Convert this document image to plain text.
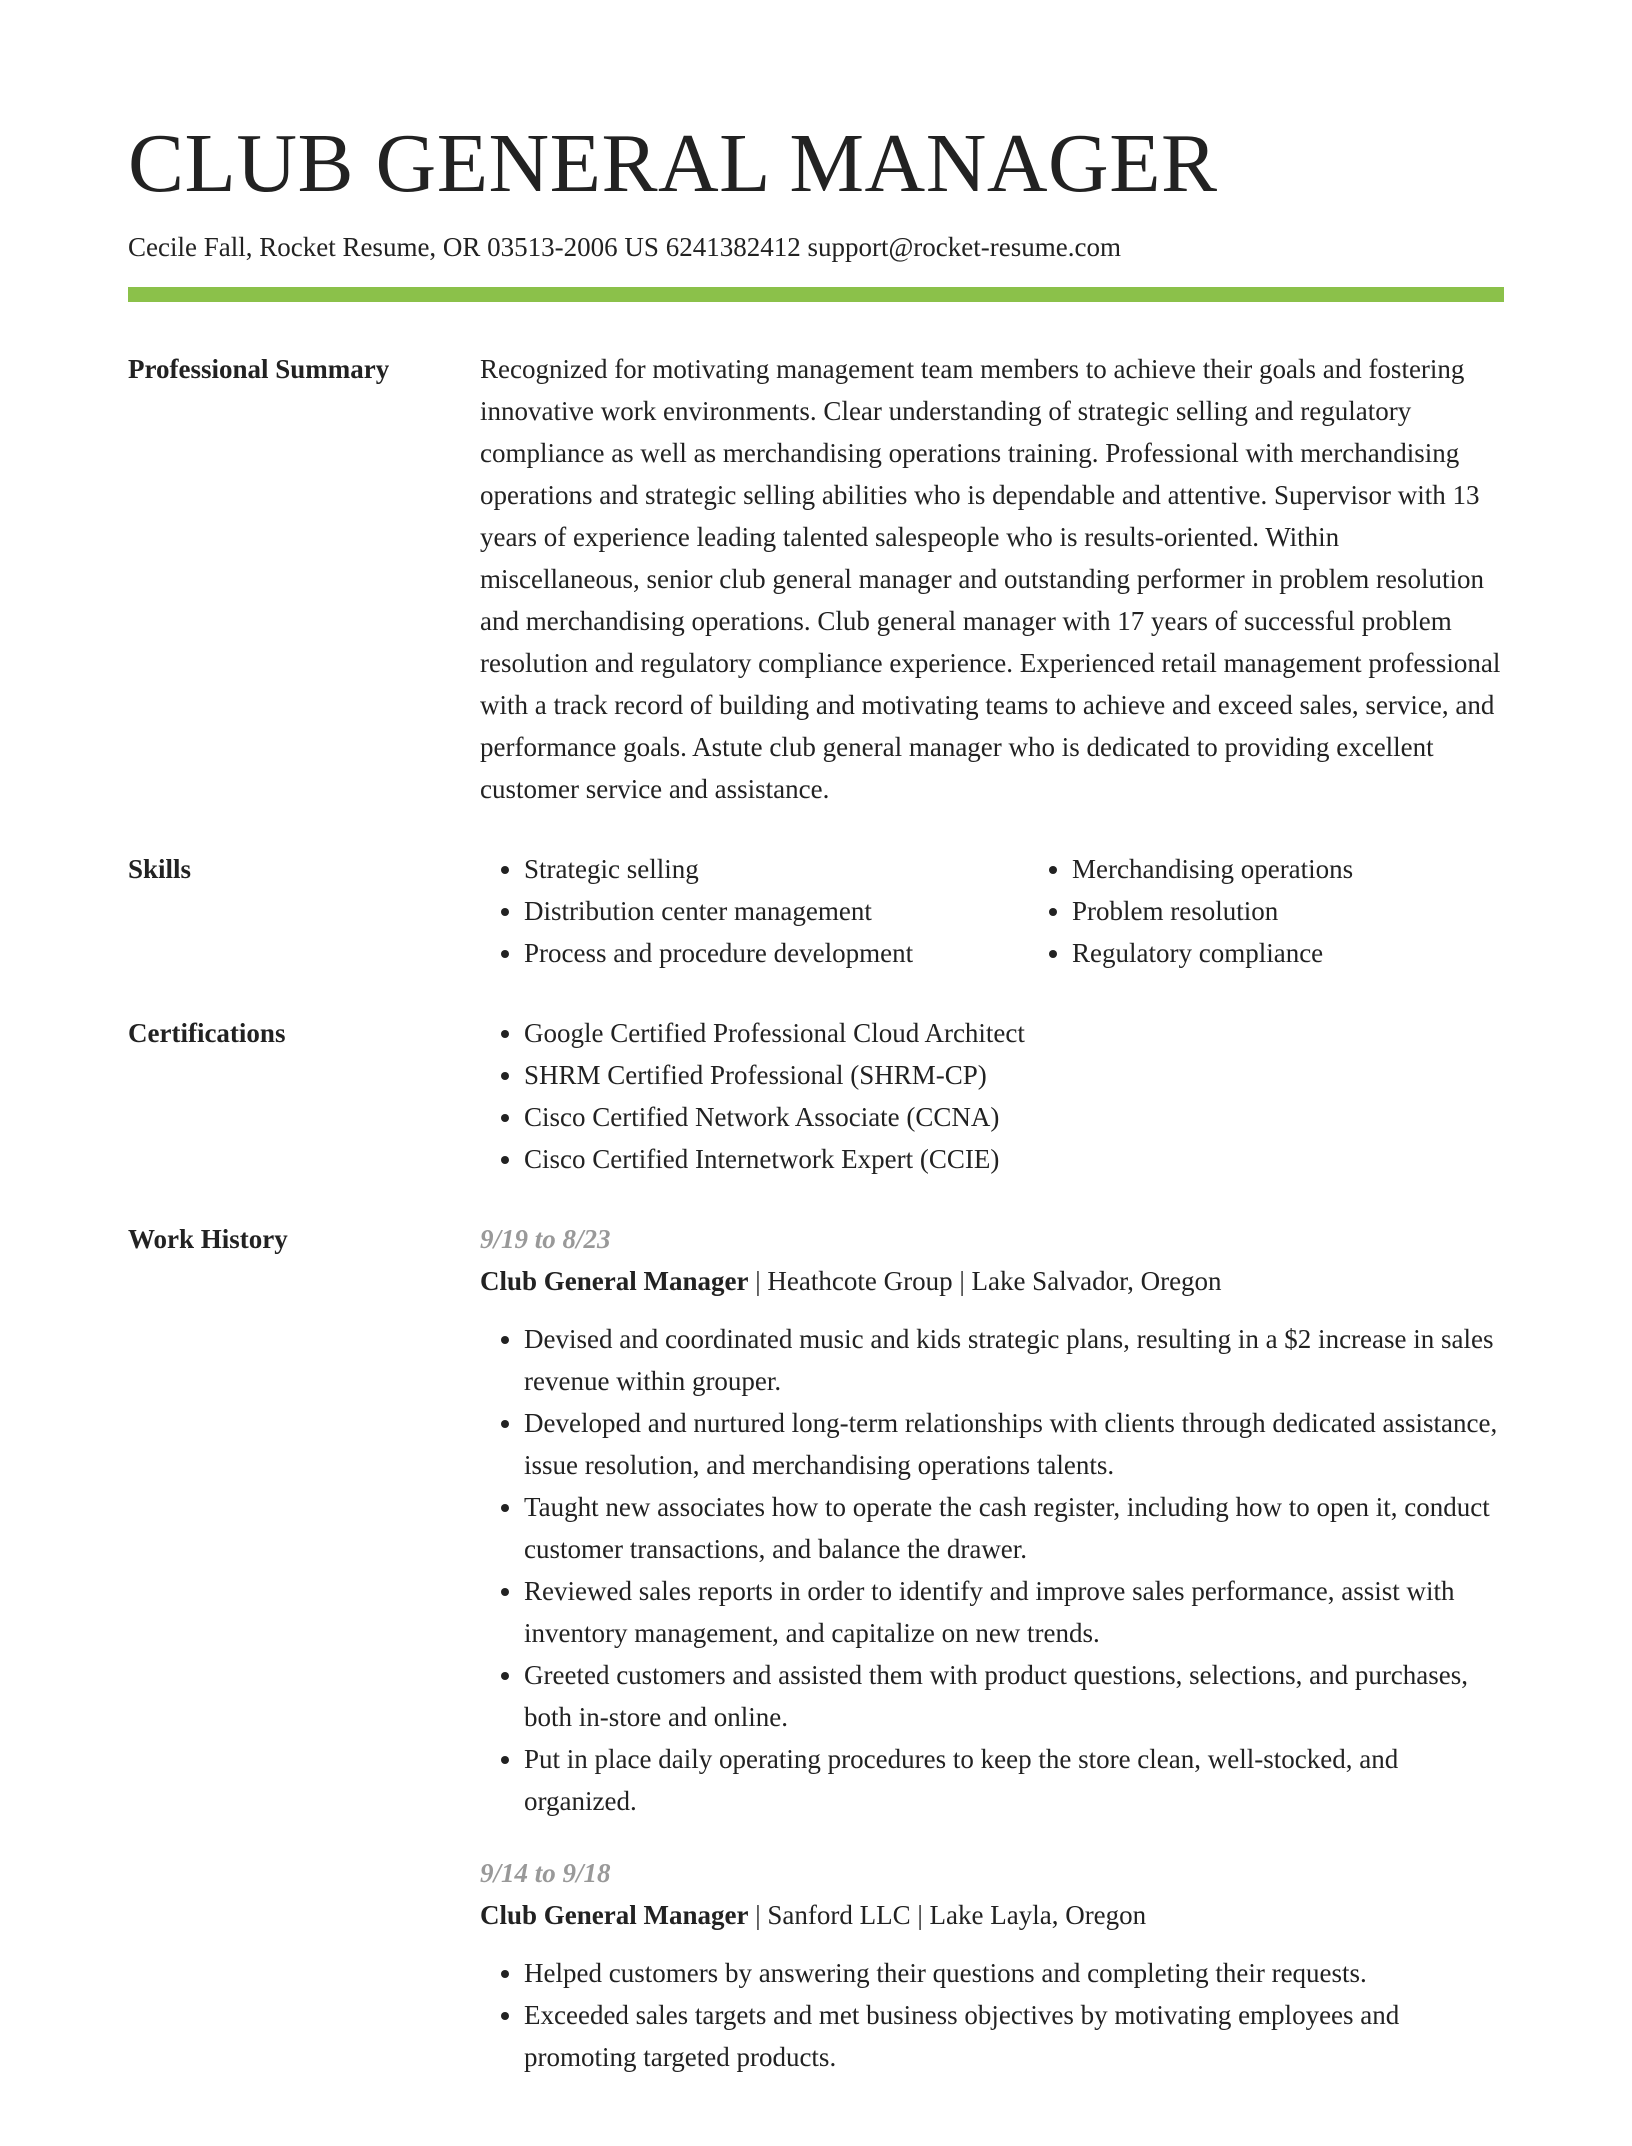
CLUB GENERAL MANAGER
Cecile Fall, Rocket Resume, OR 03513-2006 US 6241382412 support@rocket-resume.com
Professional Summary	Recognized for motivating management team members to achieve their goals and fostering innovative work environments. Clear understanding of strategic selling and regulatory compliance as well as merchandising operations training. Professional with merchandising operations and strategic selling abilities who is dependable and attentive. Supervisor with 13 years of experience leading talented salespeople who is results-oriented. Within miscellaneous, senior club general manager and outstanding performer in problem resolution and merchandising operations. Club general manager with 17 years of successful problem resolution and regulatory compliance experience. Experienced retail management professional with a track record of building and motivating teams to achieve and exceed sales, service, and performance goals. Astute club general manager who is dedicated to providing excellent customer service and assistance.

Skills	• Strategic selling
• Distribution center management
• Process and procedure development
• Merchandising operations
• Problem resolution
• Regulatory compliance
Certifications	• Google Certified Professional Cloud Architect
• SHRM Certified Professional (SHRM-CP)
• Cisco Certified Network Associate (CCNA)
• Cisco Certified Internetwork Expert (CCIE)
Work History	9/19 to 8/23
Club General Manager | Heathcote Group | Lake Salvador, Oregon
• Devised and coordinated music and kids strategic plans, resulting in a $2 increase in sales revenue within grouper.
• Developed and nurtured long-term relationships with clients through dedicated assistance, issue resolution, and merchandising operations talents.
• Taught new associates how to operate the cash register, including how to open it, conduct customer transactions, and balance the drawer.
• Reviewed sales reports in order to identify and improve sales performance, assist with inventory management, and capitalize on new trends.
• Greeted customers and assisted them with product questions, selections, and purchases, both in-store and online.
• Put in place daily operating procedures to keep the store clean, well-stocked, and organized.
9/14 to 9/18
Club General Manager | Sanford LLC | Lake Layla, Oregon
• Helped customers by answering their questions and completing their requests.
• Exceeded sales targets and met business objectives by motivating employees and promoting targeted products.
